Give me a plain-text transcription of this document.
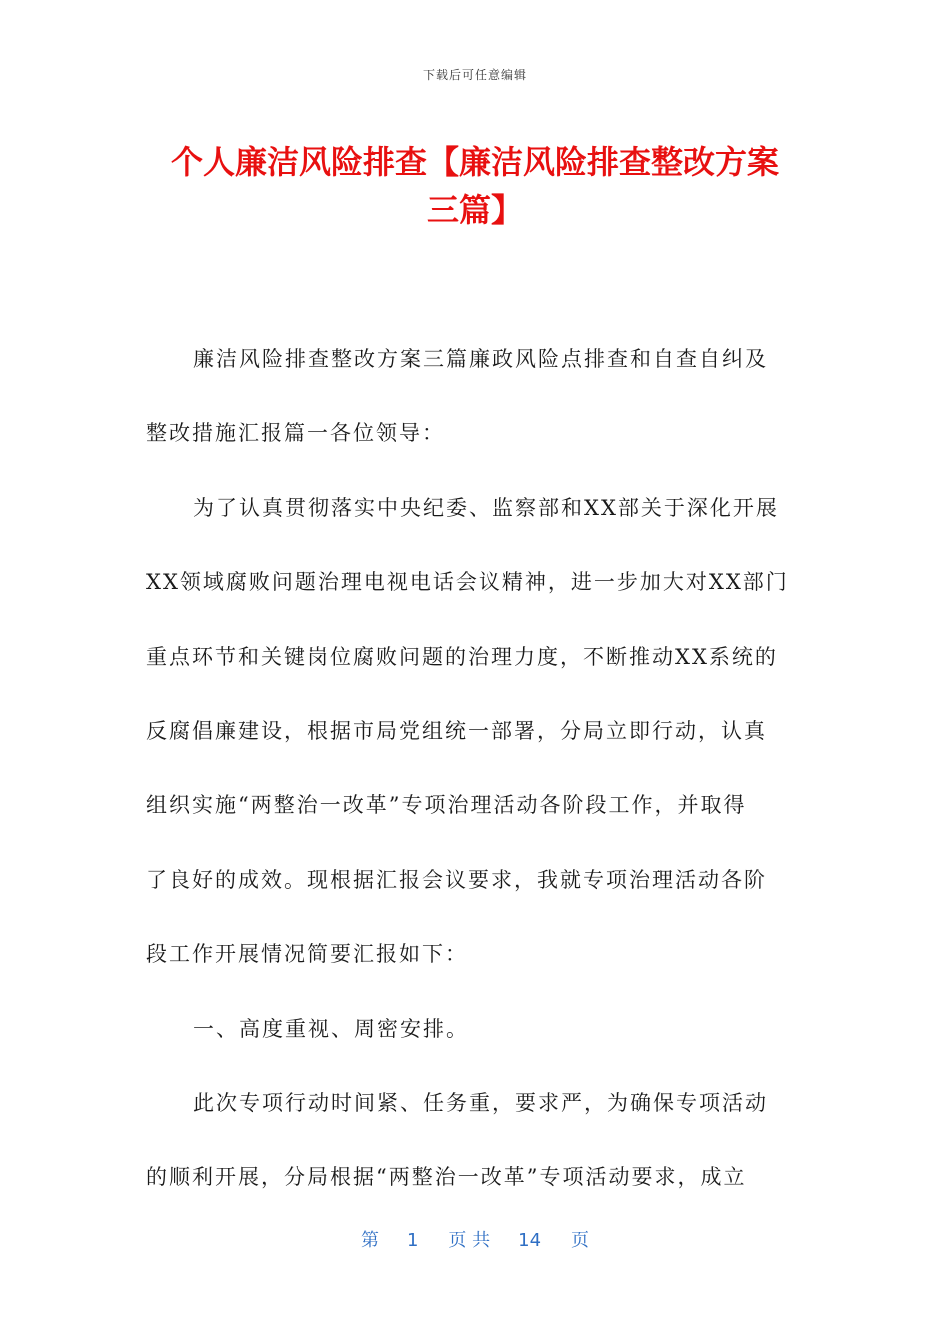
下载后可任意编辑
个人廉洁风险排查【廉洁风险排查整改方案
三篇】
廉洁风险排查整改方案三篇廉政风险点排查和自查自纠及
整改措施汇报篇一各位领导：
为了认真贯彻落实中央纪委、监察部和XX部关于深化开展
XX领域腐败问题治理电视电话会议精神，进一步加大对XX部门
重点环节和关键岗位腐败问题的治理力度，不断推动XX系统的
反腐倡廉建设，根据市局党组统一部署，分局立即行动，认真
组织实施“两整治一改革”专项治理活动各阶段工作，并取得
了良好的成效。现根据汇报会议要求，我就专项治理活动各阶
段工作开展情况简要汇报如下：
一、高度重视、周密安排。
此次专项行动时间紧、任务重，要求严，为确保专项活动
的顺利开展，分局根据“两整治一改革”专项活动要求，成立
第 1 页 共 14 页
